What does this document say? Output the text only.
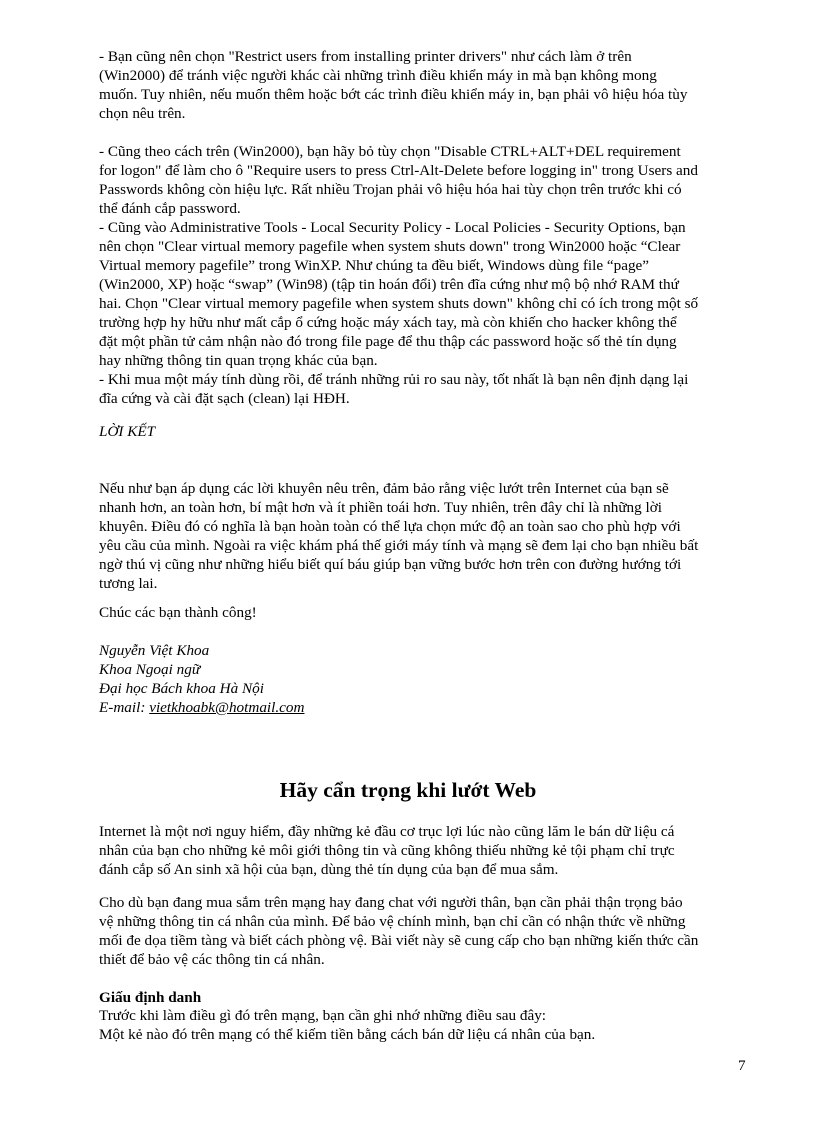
- Bạn cũng nên chọn "Restrict users from installing printer drivers" như cách làm ở trên
(Win2000) để tránh việc người khác cài những trình điều khiển máy in mà bạn không mong
muốn. Tuy nhiên, nếu muốn thêm hoặc bớt các trình điều khiển máy in, bạn phải vô hiệu hóa tùy
chọn nêu trên.
- Cũng theo cách trên (Win2000), bạn hãy bỏ tùy chọn "Disable CTRL+ALT+DEL requirement
for logon" để làm cho ô "Require users to press Ctrl-Alt-Delete before logging in" trong Users and
Passwords không còn hiệu lực. Rất nhiều Trojan phải vô hiệu hóa hai tùy chọn trên trước khi có
thể đánh cắp password.
- Cũng vào Administrative Tools - Local Security Policy - Local Policies - Security Options, bạn
nên chọn "Clear virtual memory pagefile when system shuts down" trong Win2000 hoặc “Clear
Virtual memory pagefile” trong WinXP. Như chúng ta đều biết, Windows dùng file “page”
(Win2000, XP) hoặc “swap” (Win98) (tập tin hoán đổi) trên đĩa cứng như mộ bộ nhớ RAM thứ
hai. Chọn "Clear virtual memory pagefile when system shuts down" không chỉ có ích trong một số
trường hợp hy hữu như mất cắp ổ cứng hoặc máy xách tay, mà còn khiến cho hacker không thể
đặt một phần tử cảm nhận nào đó trong file page để thu thập các password hoặc số thẻ tín dụng
hay những thông tin quan trọng khác của bạn.
- Khi mua một máy tính dùng rồi, để tránh những rủi ro sau này, tốt nhất là bạn nên định dạng lại
đĩa cứng và cài đặt sạch (clean) lại HĐH.
LỜI KẾT
Nếu như bạn áp dụng các lời khuyên nêu trên, đảm bảo rằng việc lướt trên Internet của bạn sẽ
nhanh hơn, an toàn hơn, bí mật hơn và ít phiền toái hơn. Tuy nhiên, trên đây chỉ là những lời
khuyên. Điều đó có nghĩa là bạn hoàn toàn có thể lựa chọn mức độ an toàn sao cho phù hợp với
yêu cầu của mình. Ngoài ra việc khám phá thế giới máy tính và mạng sẽ đem lại cho bạn nhiều bất
ngờ thú vị cũng như những hiểu biết quí báu giúp bạn vững bước hơn trên con đường hướng tới
tương lai.
Chúc các bạn thành công!
Nguyễn Việt Khoa
Khoa Ngoại ngữ
Đại học Bách khoa Hà Nội
E-mail: vietkhoabk@hotmail.com
Hãy cẩn trọng khi lướt Web
Internet là một nơi nguy hiểm, đầy những kẻ đầu cơ trục lợi lúc nào cũng lăm le bán dữ liệu cá
nhân của bạn cho những kẻ môi giới thông tin và cũng không thiếu những kẻ tội phạm chỉ trực
đánh cắp số An sinh xã hội của bạn, dùng thẻ tín dụng của bạn để mua sắm.
Cho dù bạn đang mua sắm trên mạng hay đang chat với người thân, bạn cần phải thận trọng bảo
vệ những thông tin cá nhân của mình. Để bảo vệ chính mình, bạn chỉ cần có nhận thức về những
mối đe dọa tiềm tàng và biết cách phòng vệ. Bài viết này sẽ cung cấp cho bạn những kiến thức cần
thiết để bảo vệ các thông tin cá nhân.
Giấu định danh
Trước khi làm điều gì đó trên mạng, bạn cần ghi nhớ những điều sau đây:
Một kẻ nào đó trên mạng có thể kiếm tiền bằng cách bán dữ liệu cá nhân của bạn.
7
